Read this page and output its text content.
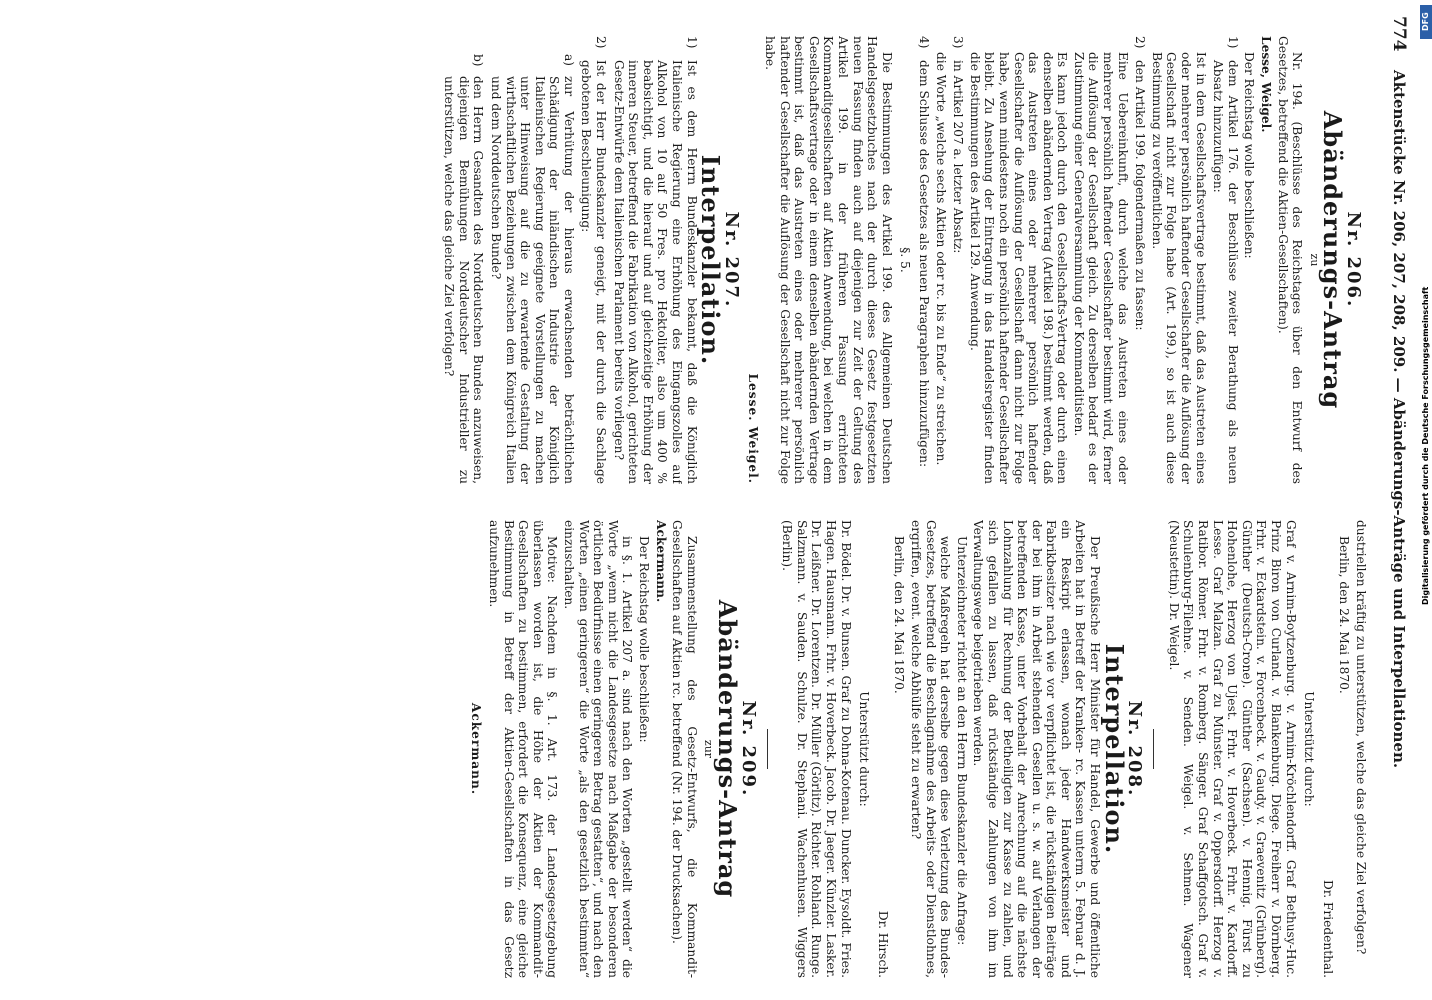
774
Aktenstücke Nr. 206, 207, 208, 209. — Abänderungs-Anträge und Interpellationen.
Nr. 206.
Abänderungs-Antrag
zu

Nr. 194. (Beschlüsse des Reichstages über den Entwurf des Gesetzes, betreffend die Aktien-Gesellschaften).

Lesse, Weigel.

Der Reichstag wolle beschließen:

1)
dem Artikel 176. der Beschlüsse zweiter Berathung als neuen Absatz hinzuzufügen:
Ist in dem Gesellschaftsvertrage bestimmt, daß das Austreten eines oder mehrerer persönlich haftender Gesellschafter die Auflösung der Gesellschaft nicht zur Folge habe (Art. 199.), so ist auch diese Bestimmung zu veröffentlichen.
2)
den Artikel 199. folgendermaßen zu fassen:
Eine Uebereinkunft, durch welche das Austreten eines oder mehrerer persönlich haftender Gesellschafter bestimmt wird, ferner die Auflösung der Gesellschaft gleich. Zu derselben bedarf es der Zustimmung einer Generalversammlung der Kommanditisten.
Es kann jedoch durch den Gesellschafts-Vertrag oder durch einen denselben abändernden Vertrag (Artikel 198.) bestimmt werden, daß das Austreten eines oder mehrerer persönlich haftender Gesellschafter die Auflösung der Gesellschaft dann nicht zur Folge habe, wenn mindestens noch ein persönlich haftender Gesellschafter bleibt. Zu Ansehung der Eintragung in das Handelsregister finden die Bestimmungen des Artikel 129. Anwendung.
3)
in Artikel 207 a. letzter Absatz:
die Worte „welche sechs Aktien oder rc. bis zu Ende“ zu streichen.
4)
dem Schlusse des Gesetzes als neuen Paragraphen hinzuzufügen:
§. 5.

Die Bestimmungen des Artikel 199. des Allgemeinen Deutschen Handelsgesetzbuches nach der durch dieses Gesetz festgesetzten neuen Fassung finden auch auf diejenigen zur Zeit der Geltung des Artikel 199. in der früheren Fassung errichteten Kommanditgesellschaften auf Aktien Anwendung, bei welchen in dem Gesellschaftsvertrage oder in einem denselben abändernden Vertrage bestimmt ist, daß das Austreten eines oder mehrerer persönlich haftender Gesellschafter die Auflösung der Gesellschaft nicht zur Folge habe.

Lesse. Weigel.
Nr. 207.
Interpellation.
1)
Ist es dem Herrn Bundeskanzler bekannt, daß die Königlich Italienische Regierung eine Erhöhung des Eingangszolles auf Alkohol von 10 auf 50 Fres. pro Hektoliter, also um 400 % beabsichtigt, und die hierauf und auf gleichzeitige Erhöhung der inneren Steuer, betreffend die Fabrikation von Alkohol, gerichteten Gesetz-Entwürfe dem Italienischen Parlament bereits vorliegen?
2)
Ist der Herr Bundeskanzler geneigt, mit der durch die Sachlage gebotenen Beschleunigung:
a)
zur Verhütung der hieraus erwachsenden beträchtlichen Schädigung der inländischen Industrie der Königlich Italienischen Regierung geeignete Vorstellungen zu machen unter Hinweisung auf die zu erwartende Gestaltung der wirthschaftlichen Beziehungen zwischen dem Königreich Italien und dem Norddeutschen Bunde?
b)
den Herrn Gesandten des Norddeutschen Bundes anzuweisen, diejenigen Bemühungen Norddeutscher Industrieller zu unterstützen, welche das gleiche Ziel verfolgen?

dustriellen kräftig zu unterstützen, welche das gleiche Ziel verfolgen?

Berlin, den 24. Mai 1870.

Dr. Friedenthal.
Unterstützt durch:

Graf v. Arnim-Boytzenburg. v. Arnim-Kröchlendorff. Graf Bethusy-Huc. Prinz Biron von Curland. v. Blankenburg. Diege. Freiherr v. Dörnberg. Frhr. v. Eckardstein. v. Forcenbeck. v. Gaudy. v. Graevenitz (Grünberg). Günther (Deutsch-Crone). Günther (Sachsen). v. Hennig. Fürst zu Hohenlohe, Herzog von Ujest. Frhr. v. Hoverbeck. Frhr. v. Kardorff. Lesse. Graf Malzan. Graf zu Münster. Graf v. Oppersdorff. Herzog v. Ratibor. Römer. Frhr. v. Romberg. Sänger. Graf Schaffgotsch. Graf v. Schulenburg-Filehne. v. Senden. Weigel. v. Sehmen. Wagener (Neustettin). Dr. Weigel.

Nr. 208.
Interpellation.

Der Preußische Herr Minister für Handel, Gewerbe und öffentliche Arbeiten hat in Betreff der Kranken- rc. Kassen unterm 5. Februar d. J. ein Reskript erlassen, wonach jeder Handwerksmeister und Fabrikbesitzer nach wie vor verpflichtet ist, die rückständigen Beiträge der bei ihm in Arbeit stehenden Gesellen u. s. w. auf Verlangen der betreffenden Kasse, unter Vorbehalt der Anrechnung auf die nächste Lohnzahlung für Rechnung der Betheiligten zur Kasse zu zahlen, und sich gefallen zu lassen, daß rückständige Zahlungen von ihm im Verwaltungswege beigetrieben werden.

Unterzeichneter richtet an den Herrn Bundeskanzler die Anfrage:

welche Maßregeln hat derselbe gegen diese Verletzung des Bundes-Gesetzes, betreffend die Beschlagnahme des Arbeits- oder Dienstlohnes, ergriffen, event. welche Abhülfe steht zu erwarten?

Berlin, den 24. Mai 1870.

Dr. Hirsch.
Unterstützt durch:

Dr. Bödel. Dr. v. Bunsen. Graf zu Dohna-Kotenau. Duncker. Eysoldt. Fries. Hagen. Hausmann. Frhr. v. Hoverbeck. Jacob. Dr. Jaeger. Künzler. Lasker. Dr. Leißner. Dr. Lorentzen. Dr. Müller (Görlitz). Richter. Rohland. Runge. Salzmann. v. Sauden. Schulze. Dr. Stephani. Wachenhusen. Wiggers (Berlin).

Nr. 209.
Abänderungs-Antrag
zur

Zusammenstellung des Gesetz-Entwurfs, die Kommandit-Gesellschaften auf Aktien rc. betreffend (Nr. 194. der Drucksachen).

Ackermann.

Der Reichstag wolle beschließen:

in §. 1. Artikel 207 a. sind nach den Worten „gestellt werden“ die Worte „wenn nicht die Landesgesetze nach Maßgabe der besonderen örtlichen Bedürfnisse einen geringeren Betrag gestatten“, und nach den Worten „einen geringeren“ die Worte „als den gesetzlich bestimmten“ einzuschalten.

Motive: Nachdem in §. 1. Art. 173. der Landesgesetzgebung überlassen worden ist, die Höhe der Aktien der Kommandit-Gesellschaften zu bestimmen, erfordert die Konsequenz, eine gleiche Bestimmung in Betreff der Aktien-Gesellschaften in das Gesetz aufzunehmen.

Ackermann.
DFG
Digitalisierung gefördert durch die Deutsche Forschungsgemeinschaft
